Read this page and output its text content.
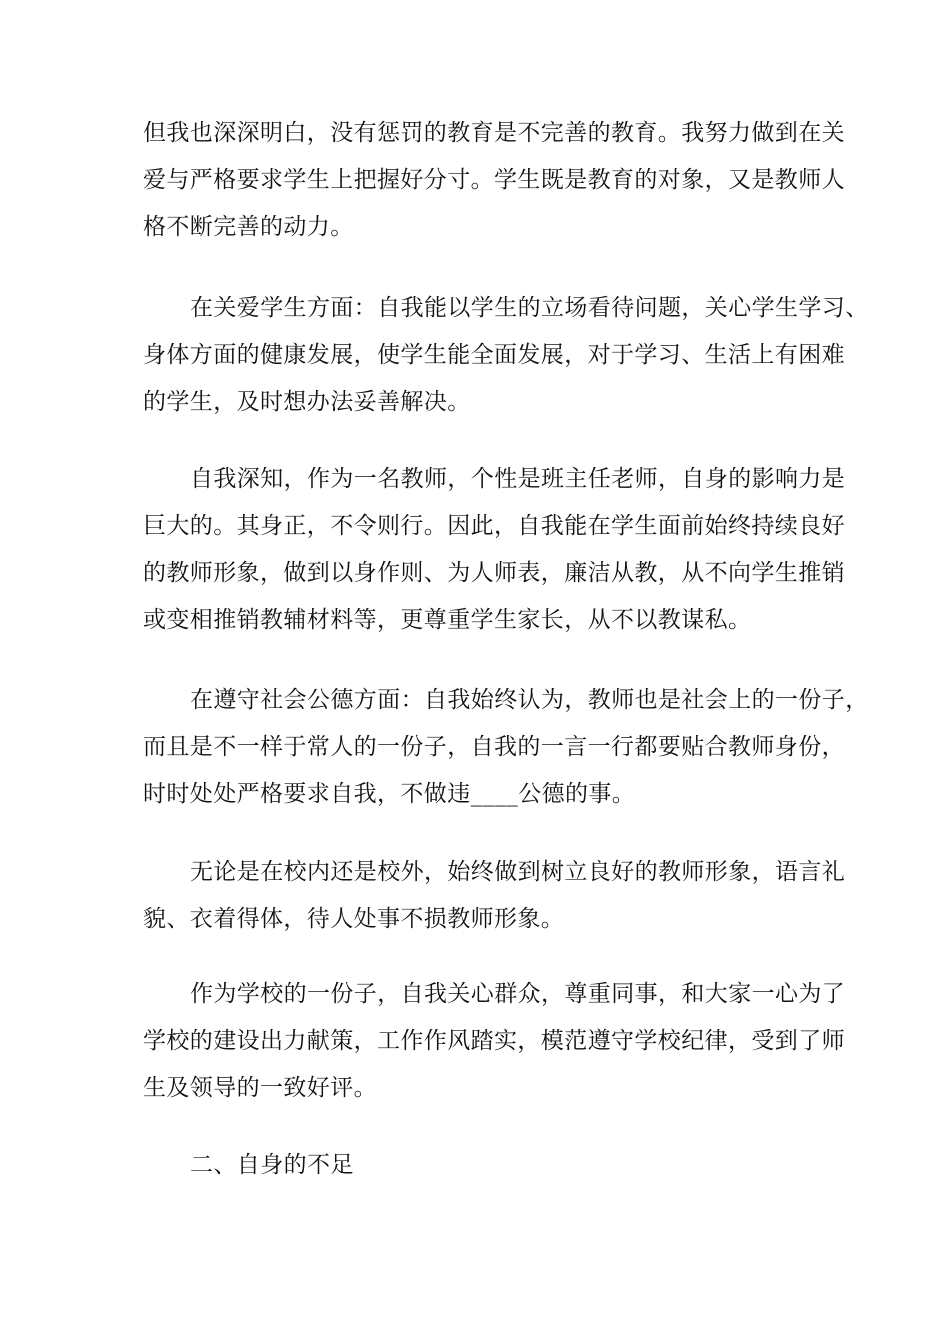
但我也深深明白，没有惩罚的教育是不完善的教育。我努力做到在关
爱与严格要求学生上把握好分寸。学生既是教育的对象，又是教师人
格不断完善的动力。
在关爱学生方面：自我能以学生的立场看待问题，关心学生学习、
身体方面的健康发展，使学生能全面发展，对于学习、生活上有困难
的学生，及时想办法妥善解决。
自我深知，作为一名教师，个性是班主任老师，自身的影响力是
巨大的。其身正，不令则行。因此，自我能在学生面前始终持续良好
的教师形象，做到以身作则、为人师表，廉洁从教，从不向学生推销
或变相推销教辅材料等，更尊重学生家长，从不以教谋私。
在遵守社会公德方面：自我始终认为，教师也是社会上的一份子，
而且是不一样于常人的一份子，自我的一言一行都要贴合教师身份，
时时处处严格要求自我，不做违____公德的事。
无论是在校内还是校外，始终做到树立良好的教师形象，语言礼
貌、衣着得体，待人处事不损教师形象。
作为学校的一份子，自我关心群众，尊重同事，和大家一心为了
学校的建设出力献策，工作作风踏实，模范遵守学校纪律，受到了师
生及领导的一致好评。
二、自身的不足
